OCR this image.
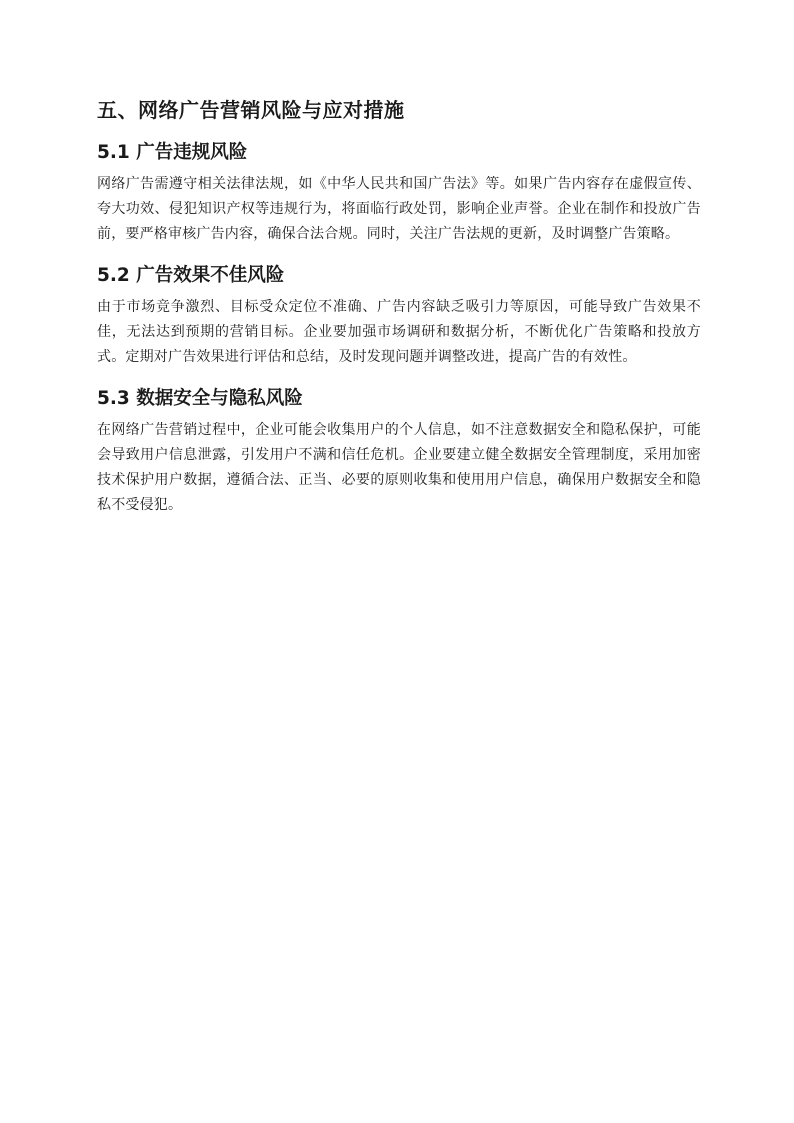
五、网络广告营销风险与应对措施
5.1 广告违规风险

网络广告需遵守相关法律法规，如《中华人民共和国广告法》等。如果广告内容存在虚假宣传、夸大功效、侵犯知识产权等违规行为，将面临行政处罚，影响企业声誉。企业在制作和投放广告前，要严格审核广告内容，确保合法合规。同时，关注广告法规的更新，及时调整广告策略。

5.2 广告效果不佳风险

由于市场竞争激烈、目标受众定位不准确、广告内容缺乏吸引力等原因，可能导致广告效果不佳，无法达到预期的营销目标。企业要加强市场调研和数据分析，不断优化广告策略和投放方式。定期对广告效果进行评估和总结，及时发现问题并调整改进，提高广告的有效性。

5.3 数据安全与隐私风险

在网络广告营销过程中，企业可能会收集用户的个人信息，如不注意数据安全和隐私保护，可能会导致用户信息泄露，引发用户不满和信任危机。企业要建立健全数据安全管理制度，采用加密技术保护用户数据，遵循合法、正当、必要的原则收集和使用用户信息，确保用户数据安全和隐私不受侵犯。
